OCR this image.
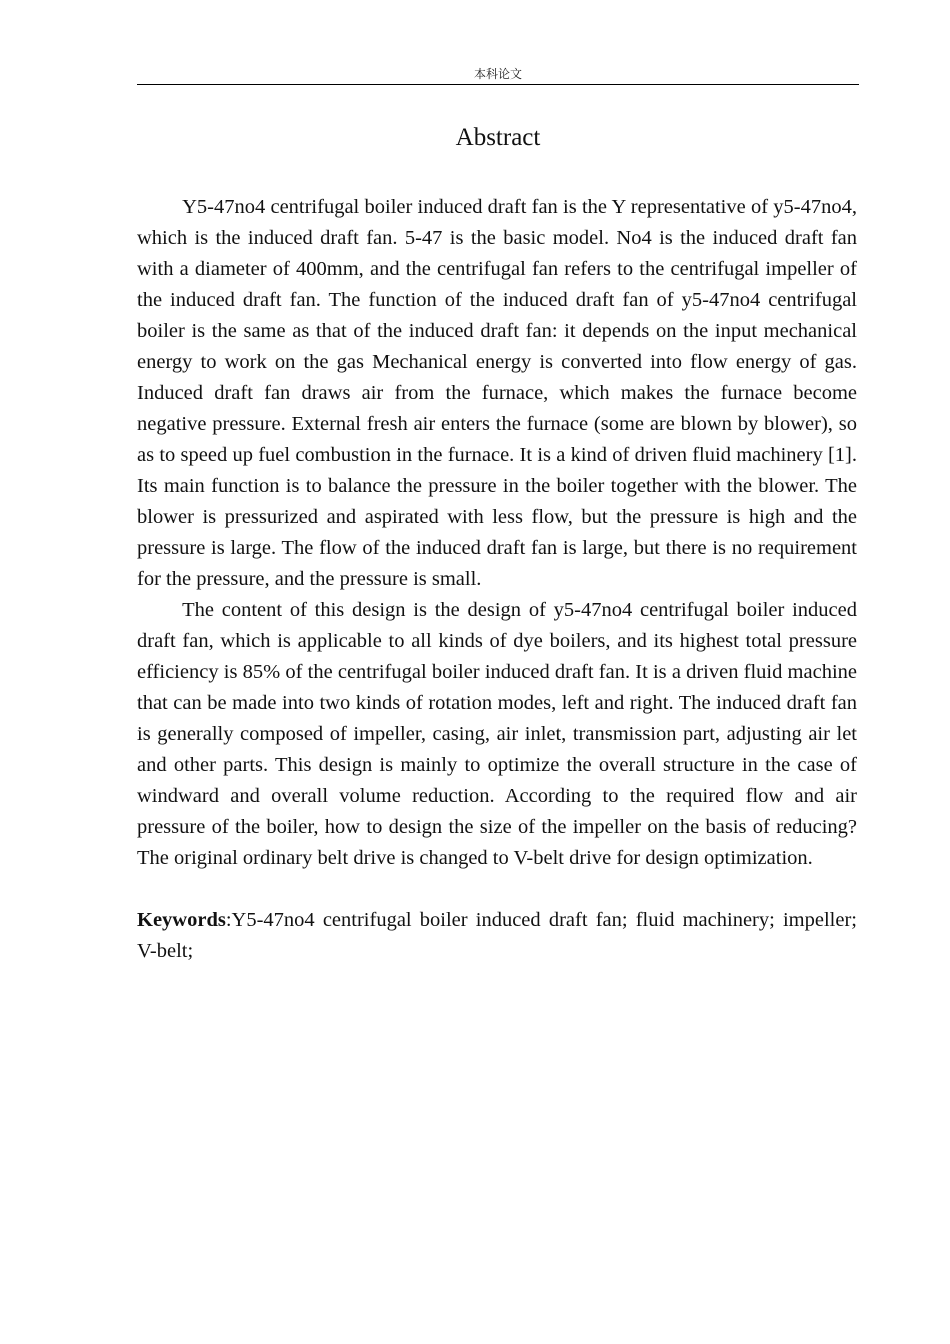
本科论文
Abstract

Y5-47no4 centrifugal boiler induced draft fan is the Y representative of y5-47no4, which is the induced draft fan. 5-47 is the basic model. No4 is the induced draft fan with a diameter of 400mm, and the centrifugal fan refers to the centrifugal impeller of the induced draft fan. The function of the induced draft fan of y5-47no4 centrifugal boiler is the same as that of the induced draft fan: it depends on the input mechanical energy to work on the gas Mechanical energy is converted into flow energy of gas. Induced draft fan draws air from the furnace, which makes the furnace become negative pressure. External fresh air enters the furnace (some are blown by blower), so as to speed up fuel combustion in the furnace. It is a kind of driven fluid machinery [1]. Its main function is to balance the pressure in the boiler together with the blower. The blower is pressurized and aspirated with less flow, but the pressure is high and the pressure is large. The flow of the induced draft fan is large, but there is no requirement for the pressure, and the pressure is small.

The content of this design is the design of y5-47no4 centrifugal boiler induced draft fan, which is applicable to all kinds of dye boilers, and its highest total pressure efficiency is 85% of the centrifugal boiler induced draft fan. It is a driven fluid machine that can be made into two kinds of rotation modes, left and right. The induced draft fan is generally composed of impeller, casing, air inlet, transmission part, adjusting air let and other parts. This design is mainly to optimize the overall structure in the case of windward and overall volume reduction. According to the required flow and air pressure of the boiler, how to design the size of the impeller on the basis of reducing? The original ordinary belt drive is changed to V-belt drive for design optimization.

Keywords:Y5-47no4 centrifugal boiler induced draft fan; fluid machinery; impeller; V-belt;
